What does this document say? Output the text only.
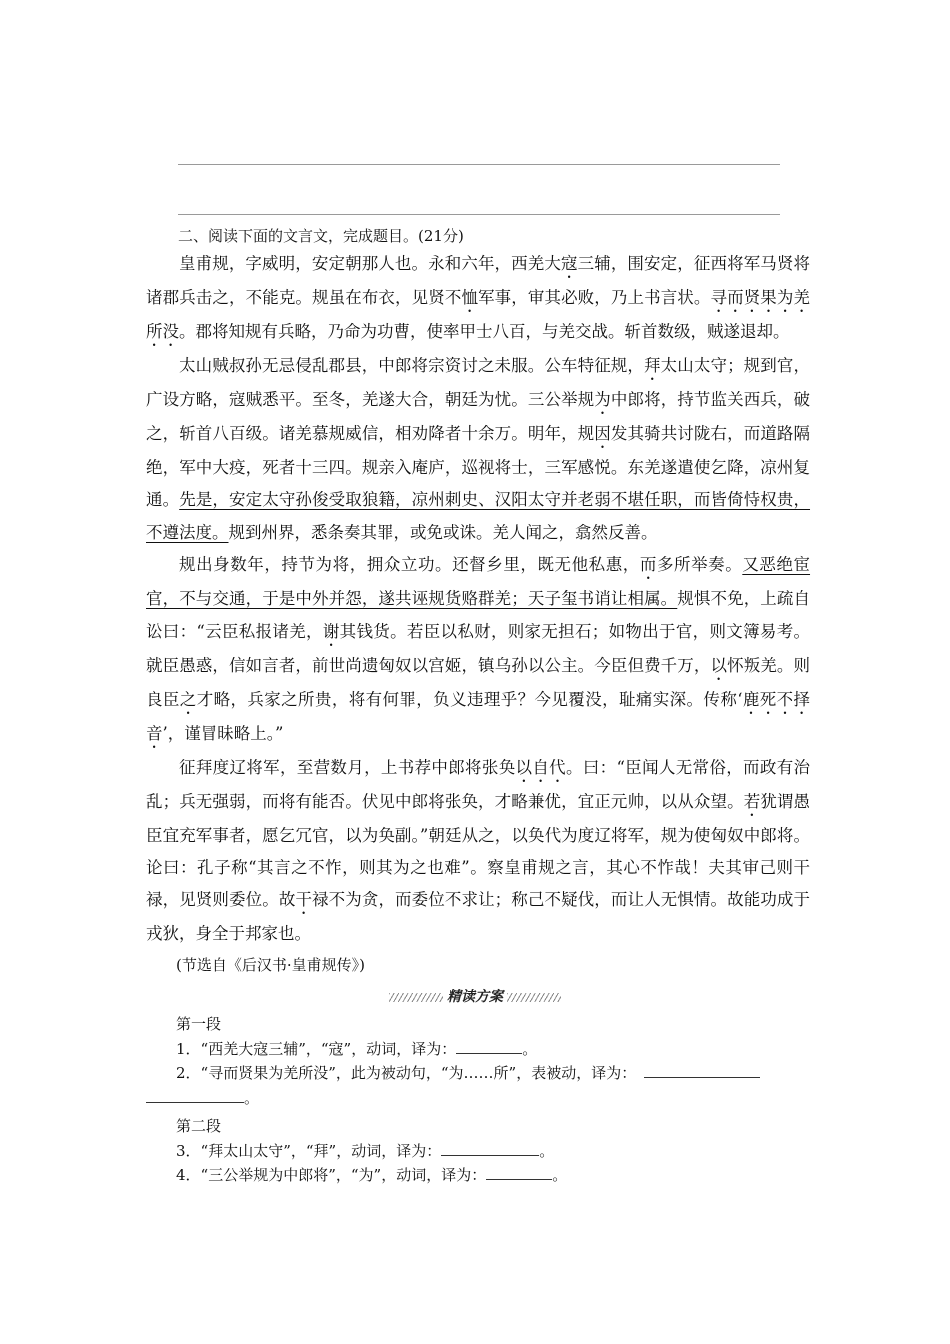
二、阅读下面的文言文，完成题目。(21分)

皇甫规，字威明，安定朝那人也。永和六年，西羌大寇三辅，围安定，征西将军马贤将诸郡兵击之，不能克。规虽在布衣，见贤不恤军事，审其必败，乃上书言状。寻而贤果为羌所没。郡将知规有兵略，乃命为功曹，使率甲士八百，与羌交战。斩首数级，贼遂退却。

太山贼叔孙无忌侵乱郡县，中郎将宗资讨之未服。公车特征规，拜太山太守；规到官，广设方略，寇贼悉平。至冬，羌遂大合，朝廷为忧。三公举规为中郎将，持节监关西兵，破之，斩首八百级。诸羌慕规威信，相劝降者十余万。明年，规因发其骑共讨陇右，而道路隔绝，军中大疫，死者十三四。规亲入庵庐，巡视将士，三军感悦。东羌遂遣使乞降，凉州复通。先是，安定太守孙俊受取狼籍，凉州刺史、汉阳太守并老弱不堪任职，而皆倚恃权贵，不遵法度。规到州界，悉条奏其罪，或免或诛。羌人闻之，翕然反善。

规出身数年，持节为将，拥众立功。还督乡里，既无他私惠，而多所举奏。又恶绝宦官，不与交通，于是中外并怨，遂共诬规货赂群羌；天子玺书诮让相属。规惧不免，上疏自讼曰：“云臣私报诸羌，谢其钱货。若臣以私财，则家无担石；如物出于官，则文簿易考。就臣愚惑，信如言者，前世尚遗匈奴以宫姬，镇乌孙以公主。今臣但费千万，以怀叛羌。则良臣之才略，兵家之所贵，将有何罪，负义违理乎？今见覆没，耻痛实深。传称‘鹿死不择音’，谨冒昧略上。”

征拜度辽将军，至营数月，上书荐中郎将张奂以自代。曰：“臣闻人无常俗，而政有治乱；兵无强弱，而将有能否。伏见中郎将张奂，才略兼优，宜正元帅，以从众望。若犹谓愚臣宜充军事者，愿乞冗官，以为奂副。”朝廷从之，以奂代为度辽将军，规为使匈奴中郎将。论曰：孔子称“其言之不怍，则其为之也难”。察皇甫规之言，其心不怍哉！夫其审己则干禄，见贤则委位。故干禄不为贪，而委位不求让；称己不疑伐，而让人无惧情。故能功成于戎狄，身全于邦家也。

(节选自《后汉书·皇甫规传》)

精读方案
第一段
1．“西羌大寇三辅”，“寇”，动词，译为：	。
2．“寻而贤果为羌所没”，此为被动句，“为……所”，表被动，译为：
。
第二段
3．“拜太山太守”，“拜”，动词，译为：	。
4．“三公举规为中郎将”，“为”，动词，译为：	。
